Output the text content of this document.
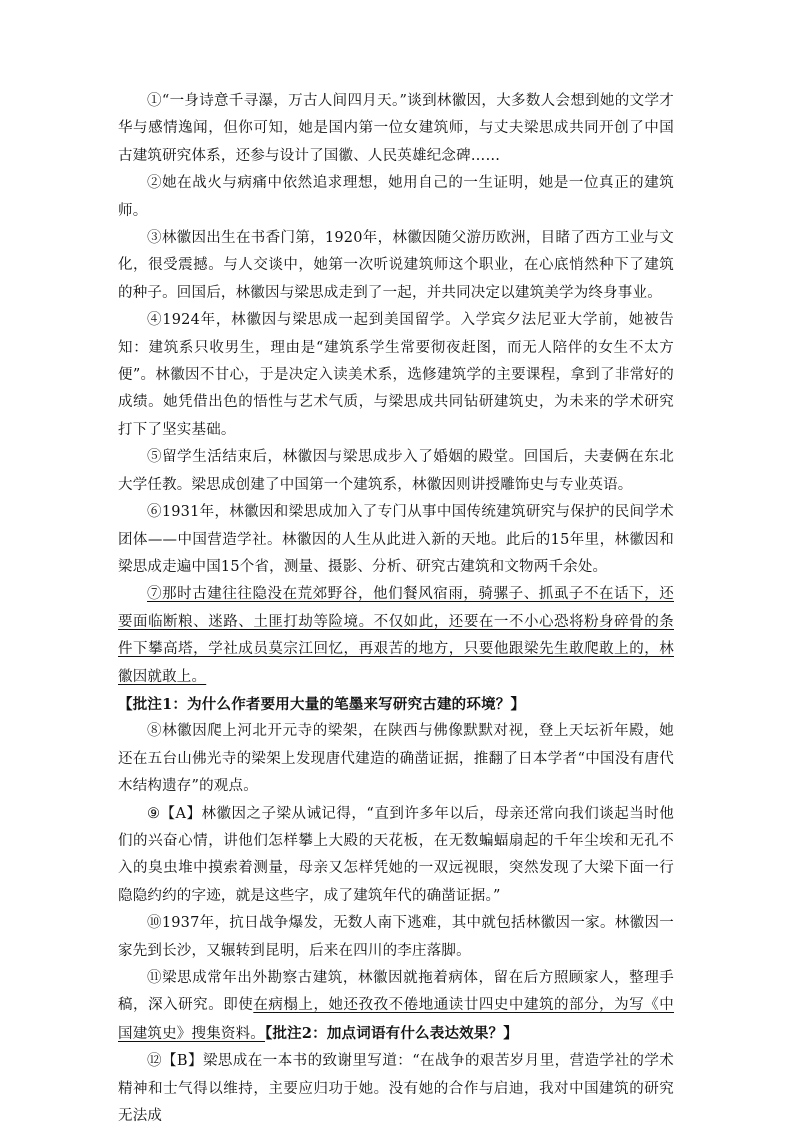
①“一身诗意千寻瀑，万古人间四月天。”谈到林徽因，大多数人会想到她的文学才华与感情逸闻，但你可知，她是国内第一位女建筑师，与丈夫梁思成共同开创了中国古建筑研究体系，还参与设计了国徽、人民英雄纪念碑……

②她在战火与病痛中依然追求理想，她用自己的一生证明，她是一位真正的建筑师。

③林徽因出生在书香门第，1920年，林徽因随父游历欧洲，目睹了西方工业与文化，很受震撼。与人交谈中，她第一次听说建筑师这个职业，在心底悄然种下了建筑的种子。回国后，林徽因与梁思成走到了一起，并共同决定以建筑美学为终身事业。

④1924年，林徽因与梁思成一起到美国留学。入学宾夕法尼亚大学前，她被告知：建筑系只收男生，理由是“建筑系学生常要彻夜赶图，而无人陪伴的女生不太方便”。林徽因不甘心，于是决定入读美术系，选修建筑学的主要课程，拿到了非常好的成绩。她凭借出色的悟性与艺术气质，与梁思成共同钻研建筑史，为未来的学术研究打下了坚实基础。

⑤留学生活结束后，林徽因与梁思成步入了婚姻的殿堂。回国后，夫妻俩在东北大学任教。梁思成创建了中国第一个建筑系，林徽因则讲授雕饰史与专业英语。

⑥1931年，林徽因和梁思成加入了专门从事中国传统建筑研究与保护的民间学术团体——中国营造学社。林徽因的人生从此进入新的天地。此后的15年里，林徽因和梁思成走遍中国15个省，测量、摄影、分析、研究古建筑和文物两千余处。

⑦那时古建往往隐没在荒郊野谷，他们餐风宿雨，骑骡子、抓虱子不在话下，还要面临断粮、迷路、土匪打劫等险境。不仅如此，还要在一不小心恐将粉身碎骨的条件下攀高塔，学社成员莫宗江回忆，再艰苦的地方，只要他跟梁先生敢爬敢上的，林徽因就敢上。

【批注1：为什么作者要用大量的笔墨来写研究古建的环境？】

⑧林徽因爬上河北开元寺的梁架，在陕西与佛像默默对视，登上天坛祈年殿，她还在五台山佛光寺的梁架上发现唐代建造的确凿证据，推翻了日本学者“中国没有唐代木结构遗存”的观点。

⑨【A】林徽因之子梁从诫记得，“直到许多年以后，母亲还常向我们谈起当时他们的兴奋心情，讲他们怎样攀上大殿的天花板，在无数蝙蝠扇起的千年尘埃和无孔不入的臭虫堆中摸索着测量，母亲又怎样凭她的一双远视眼，突然发现了大梁下面一行隐隐约约的字迹，就是这些字，成了建筑年代的确凿证据。”

⑩1937年，抗日战争爆发，无数人南下逃难，其中就包括林徽因一家。林徽因一家先到长沙，又辗转到昆明，后来在四川的李庄落脚。

⑪梁思成常年出外勘察古建筑，林徽因就拖着病体，留在后方照顾家人，整理手稿，深入研究。即使在病榻上，她还孜孜不倦地通读廿四史中建筑的部分，为写《中国建筑史》搜集资料。【批注2：加点词语有什么表达效果？】

⑫【B】梁思成在一本书的致谢里写道：“在战争的艰苦岁月里，营造学社的学术精神和士气得以维持，主要应归功于她。没有她的合作与启迪，我对中国建筑的研究无法成
